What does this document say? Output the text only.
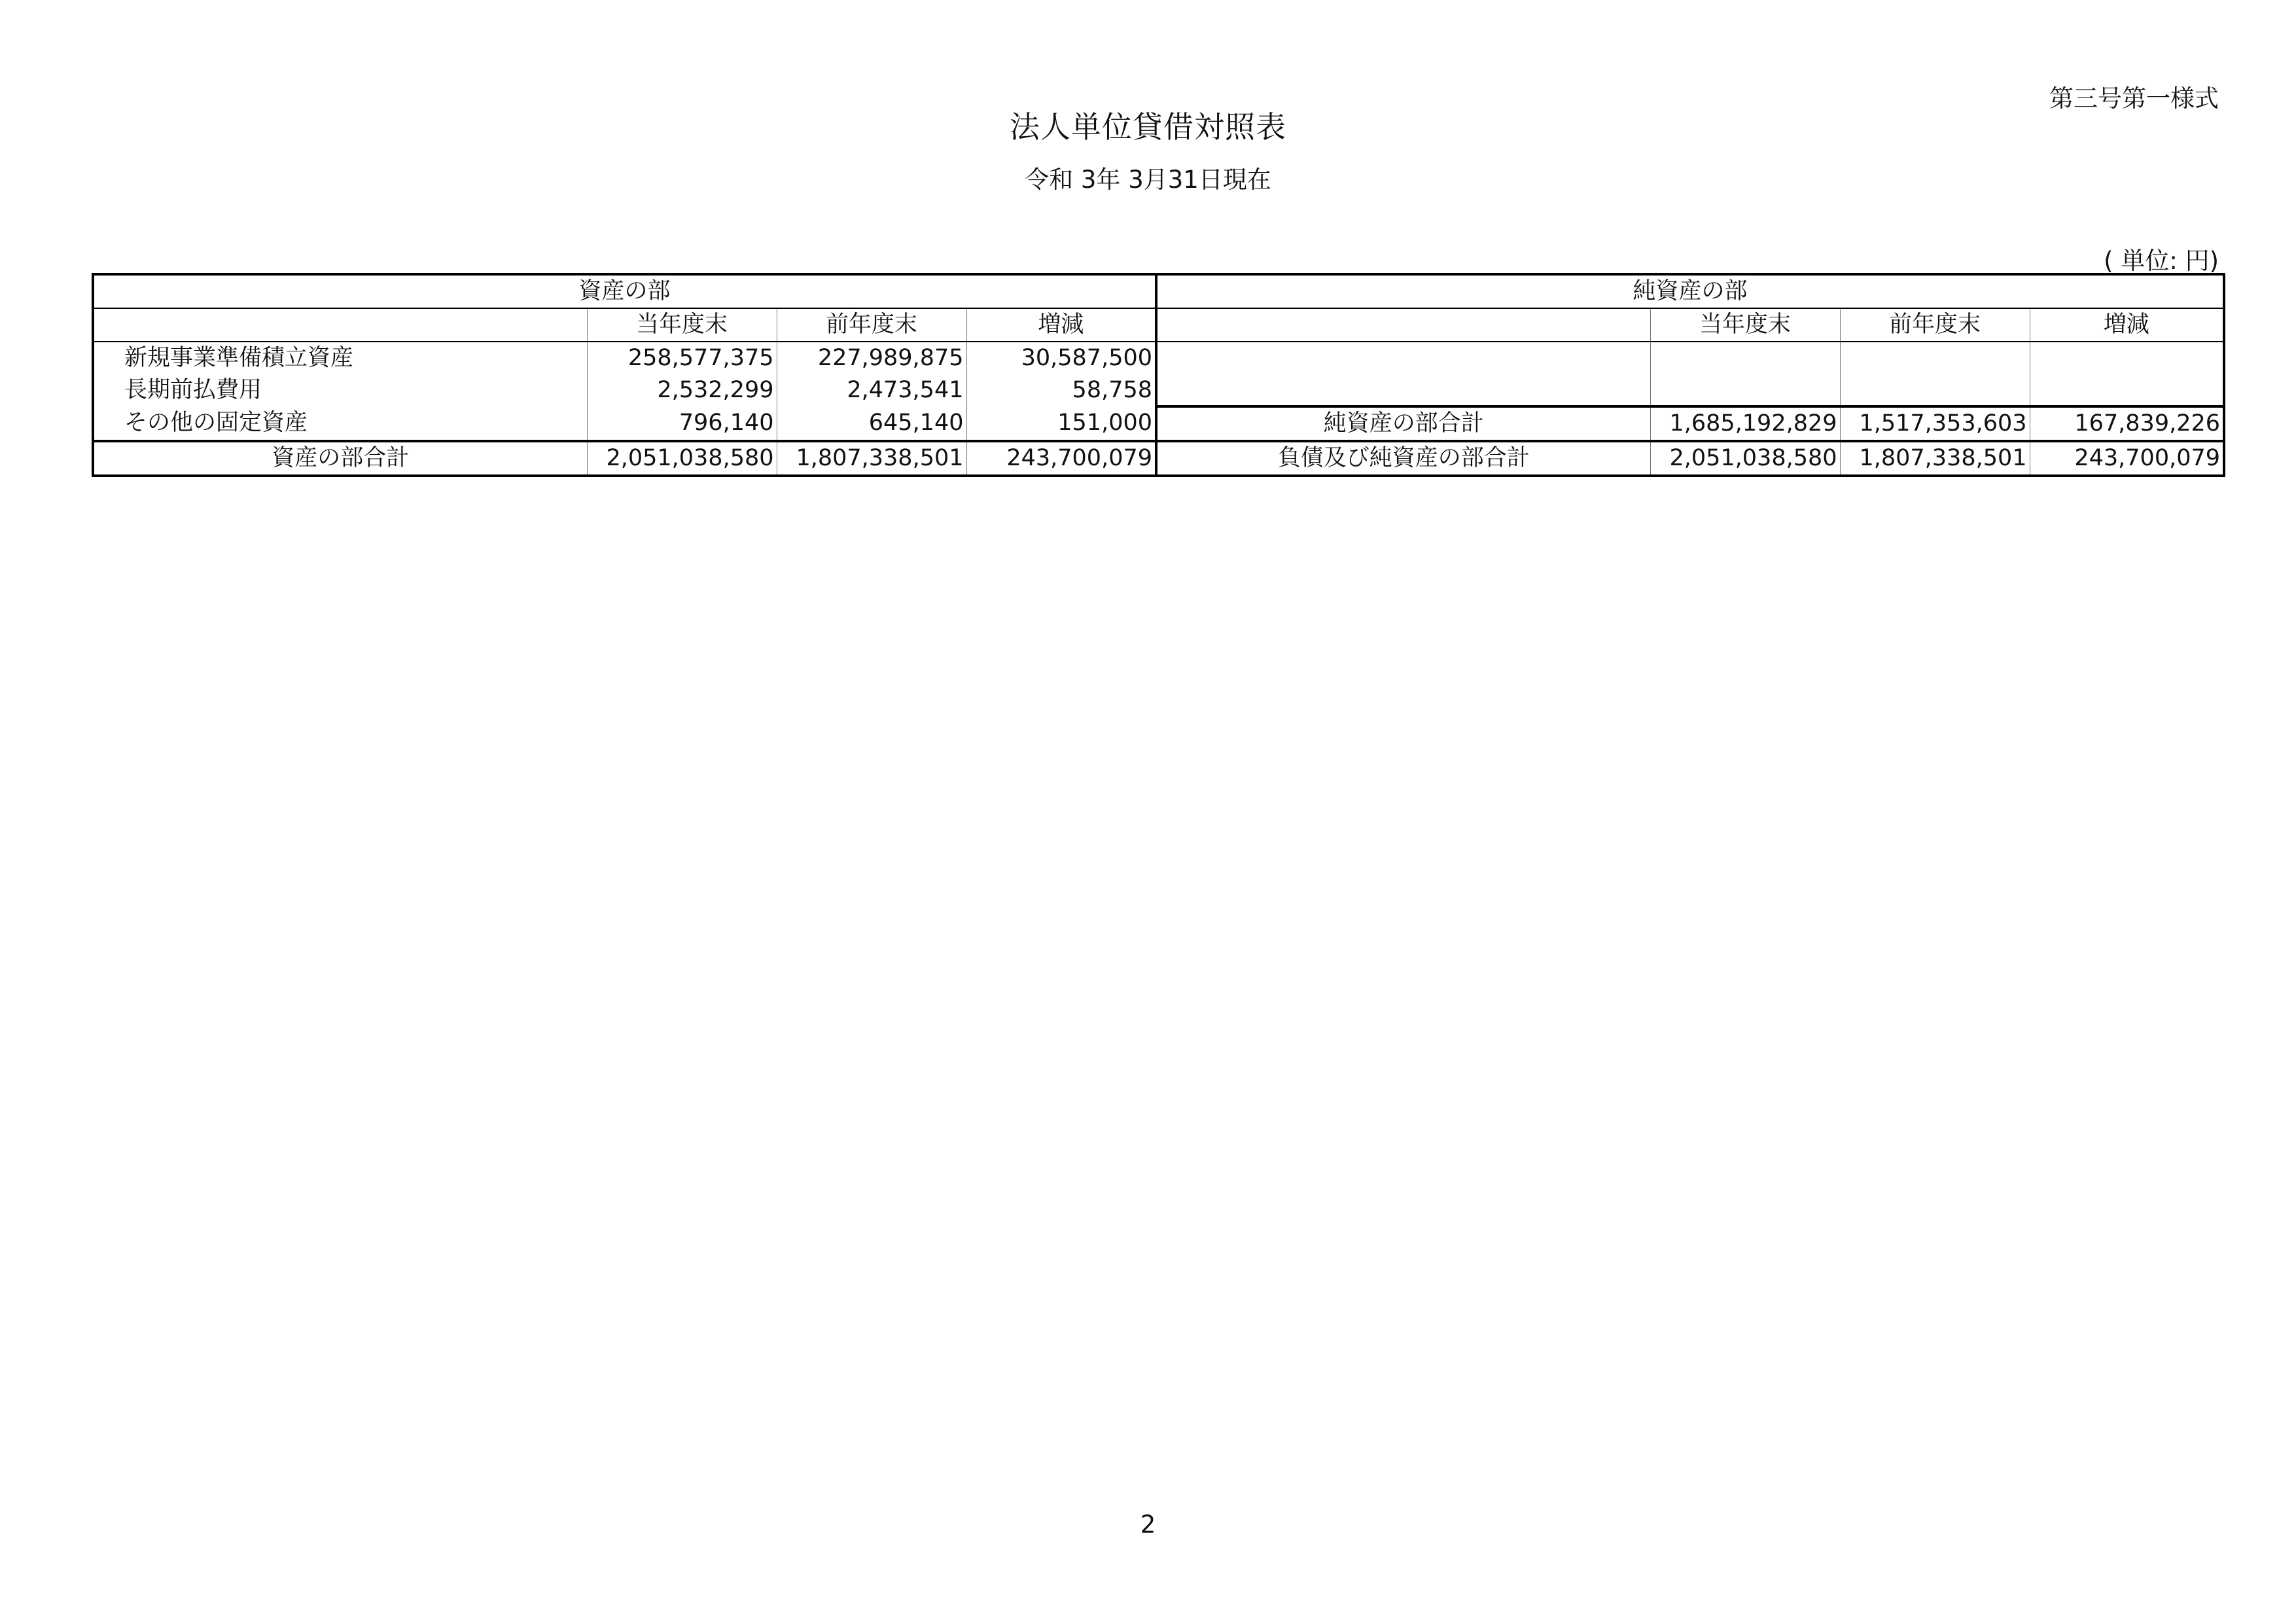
第三号第一様式
法人単位貸借対照表
令和 3年 3月31日現在
( 単位: 円)
資産の部				純資産の部			
	当年度末	前年度末	増減		当年度末	前年度末	増減
新規事業準備積立資産	258,577,375	227,989,875	30,587,500				
長期前払費用	2,532,299	2,473,541	58,758				
その他の固定資産	796,140	645,140	151,000	純資産の部合計	1,685,192,829	1,517,353,603	167,839,226
資産の部合計	2,051,038,580	1,807,338,501	243,700,079	負債及び純資産の部合計	2,051,038,580	1,807,338,501	243,700,079
2
